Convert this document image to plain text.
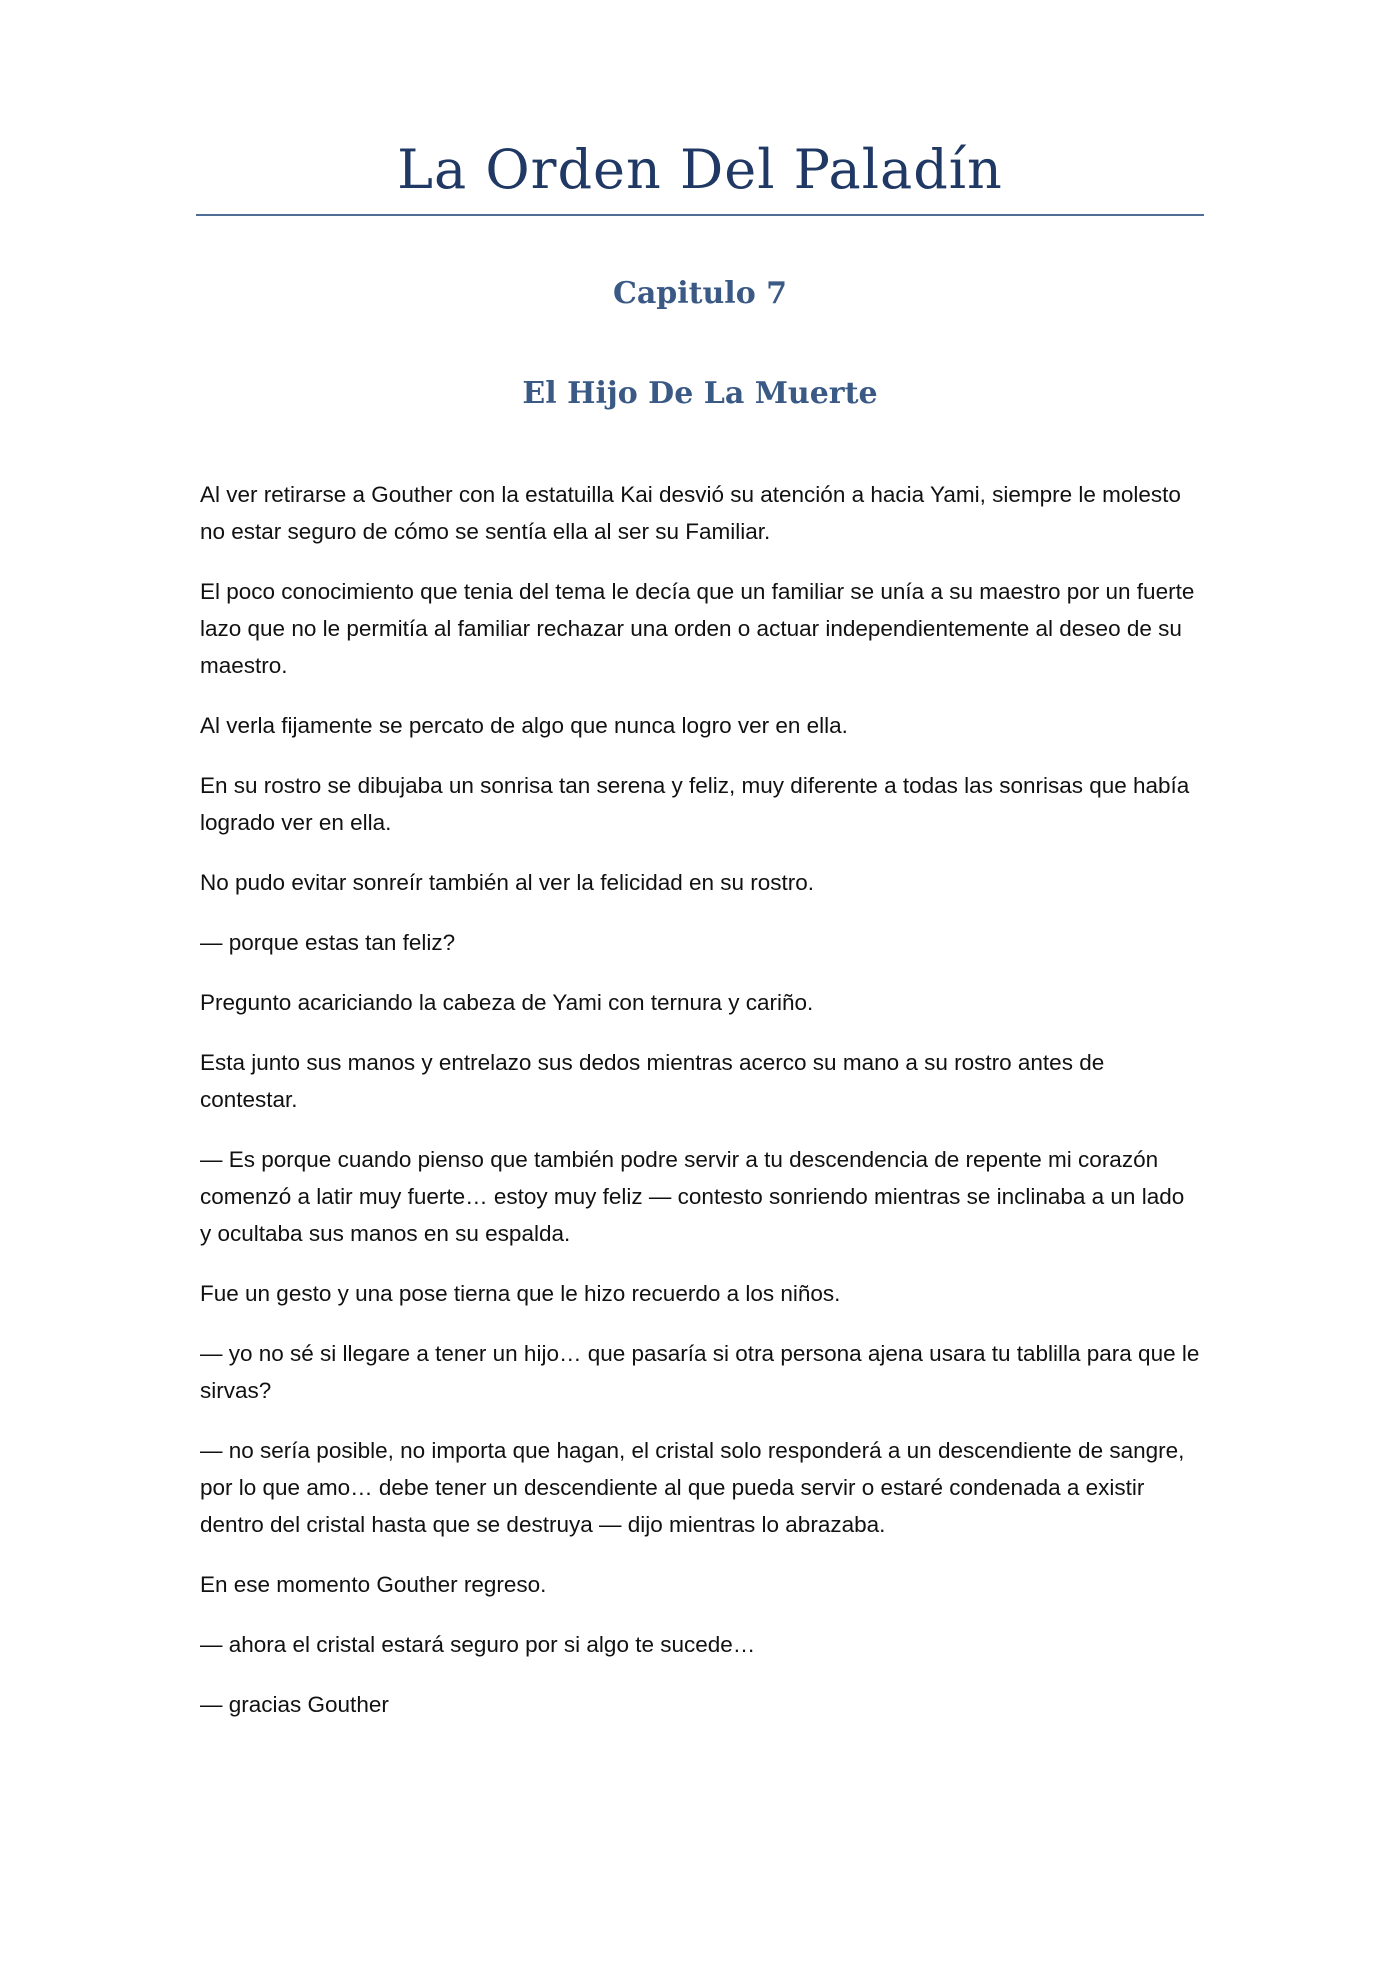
La Orden Del Paladín
Capitulo 7
El Hijo De La Muerte

Al ver retirarse a Gouther con la estatuilla Kai desvió su atención a hacia Yami, siempre le molesto no estar seguro de cómo se sentía ella al ser su Familiar.

El poco conocimiento que tenia del tema le decía que un familiar se unía a su maestro por un fuerte lazo que no le permitía al familiar rechazar una orden o actuar independientemente al deseo de su maestro.

Al verla fijamente se percato de algo que nunca logro ver en ella.

En su rostro se dibujaba un sonrisa tan serena y feliz, muy diferente a todas las sonrisas que había logrado ver en ella.

No pudo evitar sonreír también al ver la felicidad en su rostro.

— porque estas tan feliz?

Pregunto acariciando la cabeza de Yami con ternura y cariño.

Esta junto sus manos y entrelazo sus dedos mientras acerco su mano a su rostro antes de contestar.

— Es porque cuando pienso que también podre servir a tu descendencia de repente mi corazón comenzó a latir muy fuerte… estoy muy feliz — contesto sonriendo mientras se inclinaba a un lado y ocultaba sus manos en su espalda.

Fue un gesto y una pose tierna que le hizo recuerdo a los niños.

— yo no sé si llegare a tener un hijo… que pasaría si otra persona ajena usara tu tablilla para que le sirvas?

— no sería posible, no importa que hagan, el cristal solo responderá a un descendiente de sangre, por lo que amo… debe tener un descendiente al que pueda servir o estaré condenada a existir dentro del cristal hasta que se destruya — dijo mientras lo abrazaba.

En ese momento Gouther regreso.

— ahora el cristal estará seguro por si algo te sucede…

— gracias Gouther
